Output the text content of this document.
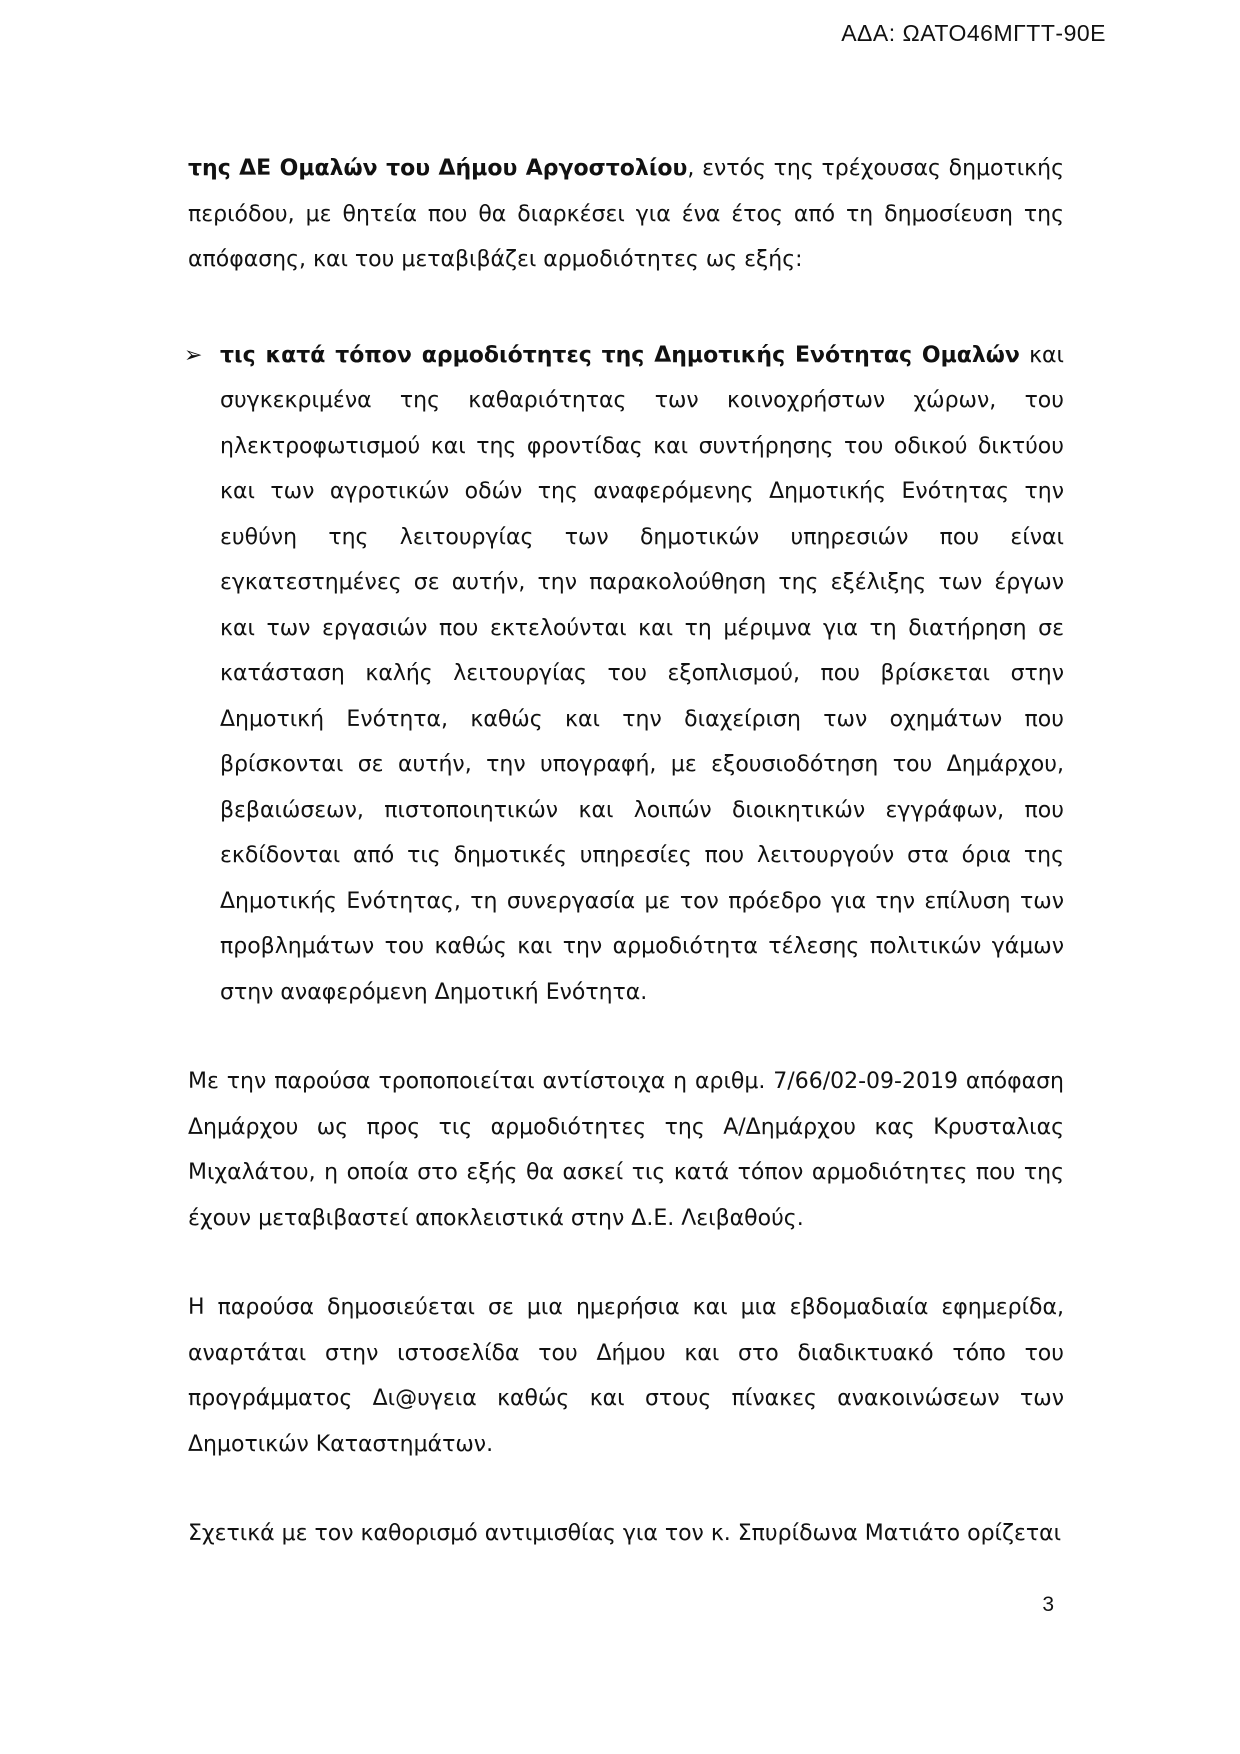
ΑΔΑ: ΩΑΤΟ46ΜΓΤΤ-90Ε

της ΔΕ Ομαλών του Δήμου Αργοστολίου, εντός της τρέχουσας δημοτικής περιόδου, με θητεία που θα διαρκέσει για ένα έτος από τη δημοσίευση της απόφασης, και του μεταβιβάζει αρμοδιότητες ως εξής:

➢ τις κατά τόπον αρμοδιότητες της Δημοτικής Ενότητας Ομαλών και συγκεκριμένα της καθαριότητας των κοινοχρήστων χώρων, του ηλεκτροφωτισμού και της φροντίδας και συντήρησης του οδικού δικτύου και των αγροτικών οδών της αναφερόμενης Δημοτικής Ενότητας την ευθύνη της λειτουργίας των δημοτικών υπηρεσιών που είναι εγκατεστημένες σε αυτήν, την παρακολούθηση της εξέλιξης των έργων και των εργασιών που εκτελούνται και τη μέριμνα για τη διατήρηση σε κατάσταση καλής λειτουργίας του εξοπλισμού, που βρίσκεται στην Δημοτική Ενότητα, καθώς και την διαχείριση των οχημάτων που βρίσκονται σε αυτήν, την υπογραφή, με εξουσιοδότηση του Δημάρχου, βεβαιώσεων, πιστοποιητικών και λοιπών διοικητικών εγγράφων, που εκδίδονται από τις δημοτικές υπηρεσίες που λειτουργούν στα όρια της Δημοτικής Ενότητας, τη συνεργασία με τον πρόεδρο για την επίλυση των προβλημάτων του καθώς και την αρμοδιότητα τέλεσης πολιτικών γάμων στην αναφερόμενη Δημοτική Ενότητα.

Με την παρούσα τροποποιείται αντίστοιχα η αριθμ. 7/66/02-09-2019 απόφαση Δημάρχου ως προς τις αρμοδιότητες της Α/Δημάρχου κας Κρυσταλιας Μιχαλάτου, η οποία στο εξής θα ασκεί τις κατά τόπον αρμοδιότητες που της έχουν μεταβιβαστεί αποκλειστικά στην Δ.Ε. Λειβαθούς.

Η παρούσα δημοσιεύεται σε μια ημερήσια και μια εβδομαδιαία εφημερίδα, αναρτάται στην ιστοσελίδα του Δήμου και στο διαδικτυακό τόπο του προγράμματος Δι@υγεια καθώς και στους πίνακες ανακοινώσεων των Δημοτικών Καταστημάτων.

Σχετικά με τον καθορισμό αντιμισθίας για τον κ. Σπυρίδωνα Ματιάτο ορίζεται

3
